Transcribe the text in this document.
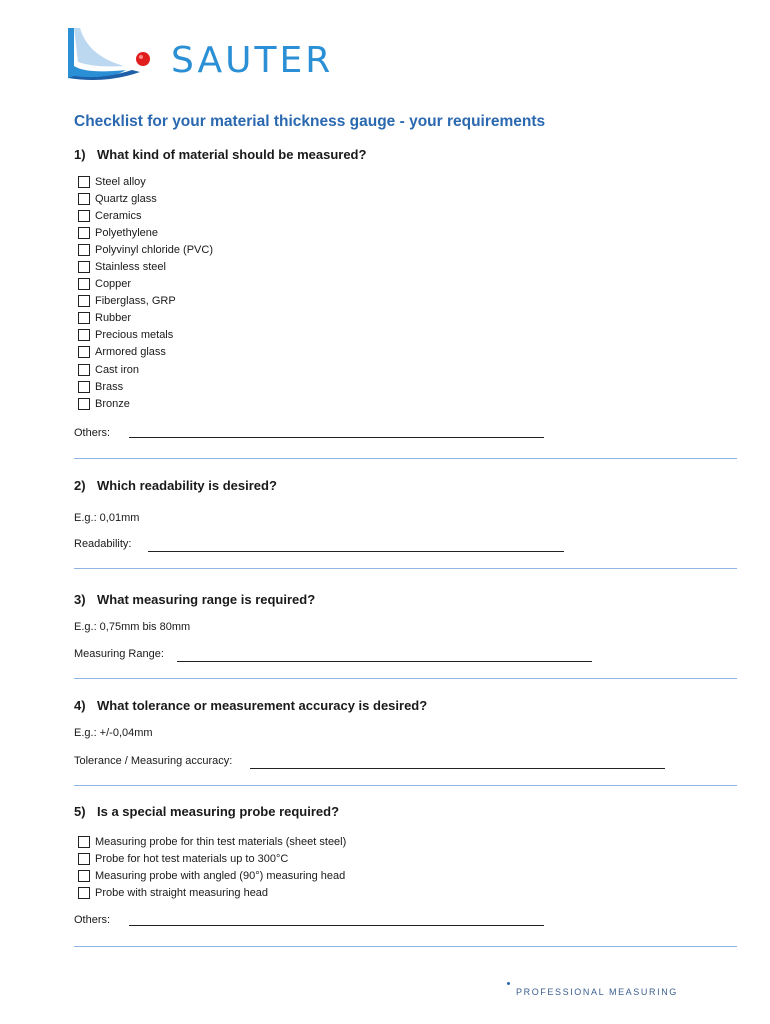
SAUTER
Checklist for your material thickness gauge - your requirements
1) What kind of material should be measured?
Steel alloy
Quartz glass
Ceramics
Polyethylene
Polyvinyl chloride (PVC)
Stainless steel
Copper
Fiberglass, GRP
Rubber
Precious metals
Armored glass
Cast iron
Brass
Bronze
Others:
2) Which readability is desired?
E.g.: 0,01mm
Readability:
3) What measuring range is required?
E.g.: 0,75mm bis 80mm
Measuring Range:
4) What tolerance or measurement accuracy is desired?
E.g.: +/-0,04mm
Tolerance / Measuring accuracy:
5) Is a special measuring probe required?
Measuring probe for thin test materials (sheet steel)
Probe for hot test materials up to 300°C
Measuring probe with angled (90°) measuring head
Probe with straight measuring head
Others:
PROFESSIONAL MEASURING
